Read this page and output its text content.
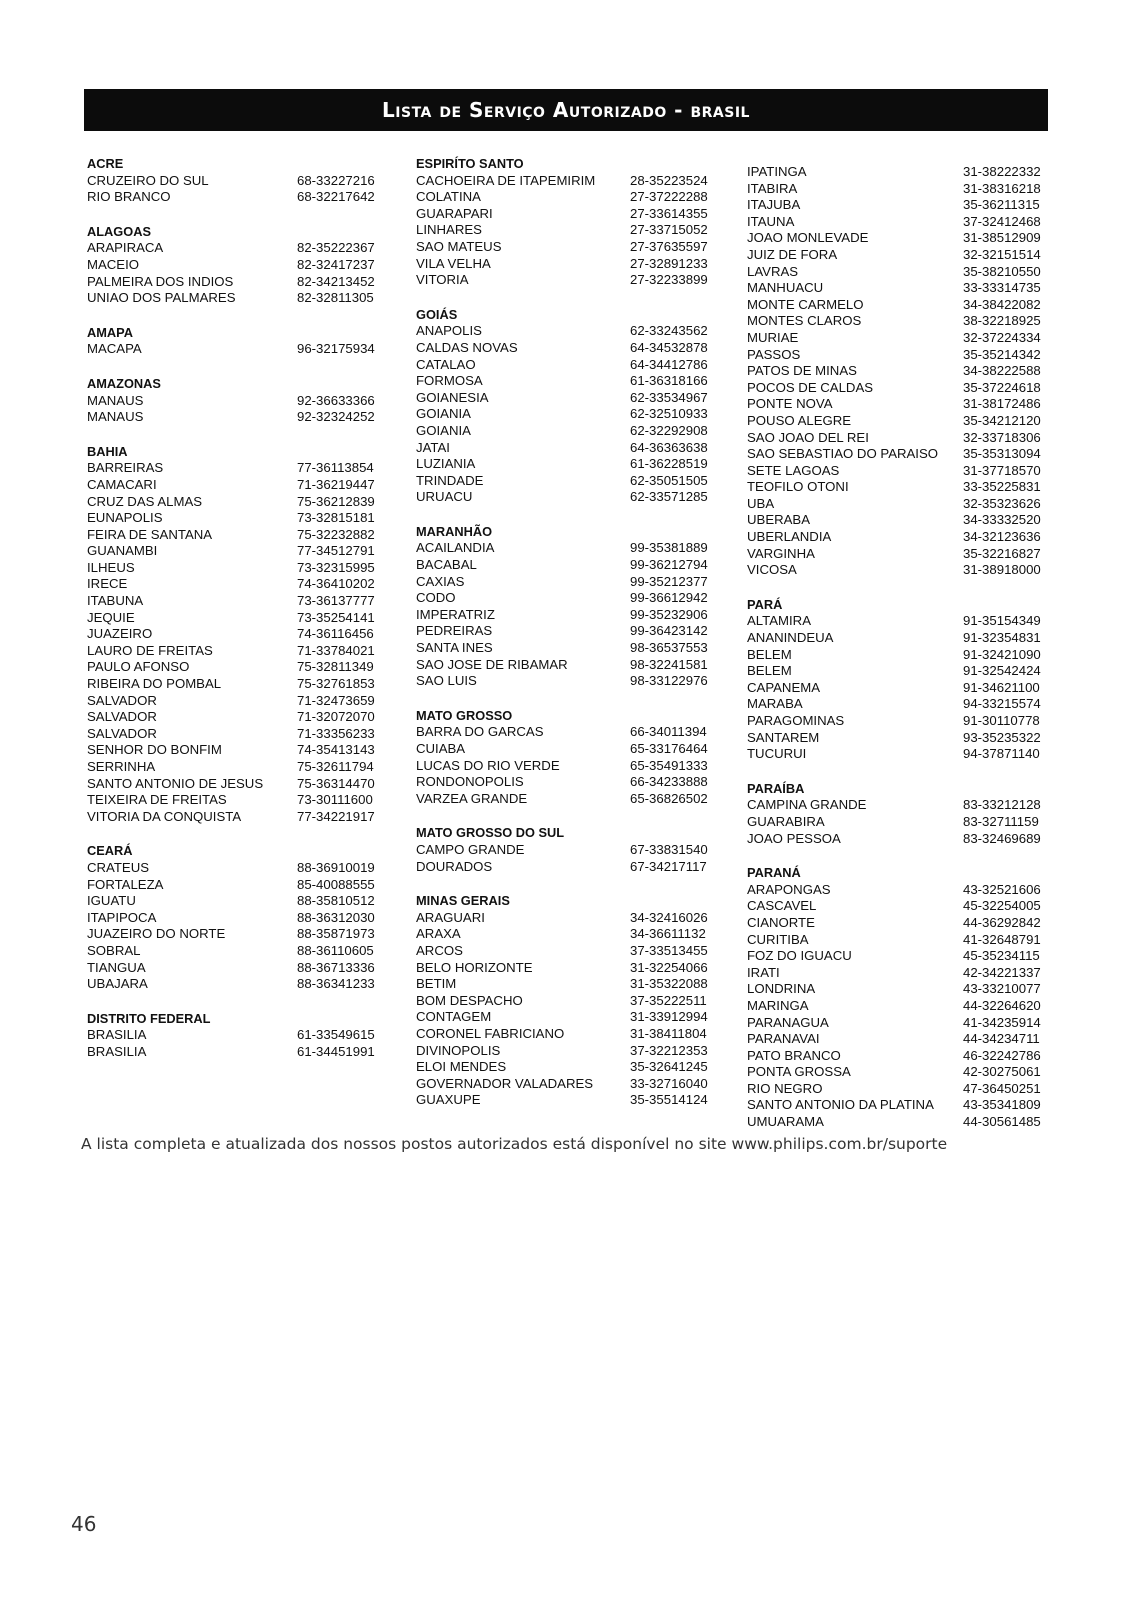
Lista de Serviço Autorizado - brasil
ACRE
CRUZEIRO DO SUL	68-33227216
RIO BRANCO	68-32217642
ALAGOAS
ARAPIRACA	82-35222367
MACEIO	82-32417237
PALMEIRA DOS INDIOS	82-34213452
UNIAO DOS PALMARES	82-32811305
AMAPA
MACAPA	96-32175934
AMAZONAS
MANAUS	92-36633366
MANAUS	92-32324252
BAHIA
BARREIRAS	77-36113854
CAMACARI	71-36219447
CRUZ DAS ALMAS	75-36212839
EUNAPOLIS	73-32815181
FEIRA DE SANTANA	75-32232882
GUANAMBI	77-34512791
ILHEUS	73-32315995
IRECE	74-36410202
ITABUNA	73-36137777
JEQUIE	73-35254141
JUAZEIRO	74-36116456
LAURO DE FREITAS	71-33784021
PAULO AFONSO	75-32811349
RIBEIRA DO POMBAL	75-32761853
SALVADOR	71-32473659
SALVADOR	71-32072070
SALVADOR	71-33356233
SENHOR DO BONFIM	74-35413143
SERRINHA	75-32611794
SANTO ANTONIO DE JESUS	75-36314470
TEIXEIRA DE FREITAS	73-30111600
VITORIA DA CONQUISTA	77-34221917
CEARÁ
CRATEUS	88-36910019
FORTALEZA	85-40088555
IGUATU	88-35810512
ITAPIPOCA	88-36312030
JUAZEIRO DO NORTE	88-35871973
SOBRAL	88-36110605
TIANGUA	88-36713336
UBAJARA	88-36341233
DISTRITO FEDERAL
BRASILIA	61-33549615
BRASILIA	61-34451991
ESPIRÍTO SANTO
CACHOEIRA DE ITAPEMIRIM	28-35223524
COLATINA	27-37222288
GUARAPARI	27-33614355
LINHARES	27-33715052
SAO MATEUS	27-37635597
VILA VELHA	27-32891233
VITORIA	27-32233899
GOIÁS
ANAPOLIS	62-33243562
CALDAS NOVAS	64-34532878
CATALAO	64-34412786
FORMOSA	61-36318166
GOIANESIA	62-33534967
GOIANIA	62-32510933
GOIANIA	62-32292908
JATAI	64-36363638
LUZIANIA	61-36228519
TRINDADE	62-35051505
URUACU	62-33571285
MARANHÃO
ACAILANDIA	99-35381889
BACABAL	99-36212794
CAXIAS	99-35212377
CODO	99-36612942
IMPERATRIZ	99-35232906
PEDREIRAS	99-36423142
SANTA INES	98-36537553
SAO JOSE DE RIBAMAR	98-32241581
SAO LUIS	98-33122976
MATO GROSSO
BARRA DO GARCAS	66-34011394
CUIABA	65-33176464
LUCAS DO RIO VERDE	65-35491333
RONDONOPOLIS	66-34233888
VARZEA GRANDE	65-36826502
MATO GROSSO DO SUL
CAMPO GRANDE	67-33831540
DOURADOS	67-34217117
MINAS GERAIS
ARAGUARI	34-32416026
ARAXA	34-36611132
ARCOS	37-33513455
BELO HORIZONTE	31-32254066
BETIM	31-35322088
BOM DESPACHO	37-35222511
CONTAGEM	31-33912994
CORONEL FABRICIANO	31-38411804
DIVINOPOLIS	37-32212353
ELOI MENDES	35-32641245
GOVERNADOR VALADARES	33-32716040
GUAXUPE	35-35514124
IPATINGA	31-38222332
ITABIRA	31-38316218
ITAJUBA	35-36211315
ITAUNA	37-32412468
JOAO MONLEVADE	31-38512909
JUIZ DE FORA	32-32151514
LAVRAS	35-38210550
MANHUACU	33-33314735
MONTE CARMELO	34-38422082
MONTES CLAROS	38-32218925
MURIAE	32-37224334
PASSOS	35-35214342
PATOS DE MINAS	34-38222588
POCOS DE CALDAS	35-37224618
PONTE NOVA	31-38172486
POUSO ALEGRE	35-34212120
SAO JOAO DEL REI	32-33718306
SAO SEBASTIAO DO PARAISO 35-35313094
SETE LAGOAS	31-37718570
TEOFILO OTONI	33-35225831
UBA	32-35323626
UBERABA	34-33332520
UBERLANDIA	34-32123636
VARGINHA	35-32216827
VICOSA	31-38918000
PARÁ
ALTAMIRA	91-35154349
ANANINDEUA	91-32354831
BELEM	91-32421090
BELEM	91-32542424
CAPANEMA	91-34621100
MARABA	94-33215574
PARAGOMINAS	91-30110778
SANTAREM	93-35235322
TUCURUI	94-37871140
PARAÍBA
CAMPINA GRANDE	83-33212128
GUARABIRA	83-32711159
JOAO PESSOA	83-32469689
PARANÁ
ARAPONGAS	43-32521606
CASCAVEL	45-32254005
CIANORTE	44-36292842
CURITIBA	41-32648791
FOZ DO IGUACU	45-35234115
IRATI	42-34221337
LONDRINA	43-33210077
MARINGA	44-32264620
PARANAGUA	41-34235914
PARANAVAI	44-34234711
PATO BRANCO	46-32242786
PONTA GROSSA	42-30275061
RIO NEGRO	47-36450251
SANTO ANTONIO DA PLATINA 43-35341809
UMUARAMA	44-30561485
A lista completa e atualizada dos nossos postos autorizados está disponível no site www.philips.com.br/suporte
46
